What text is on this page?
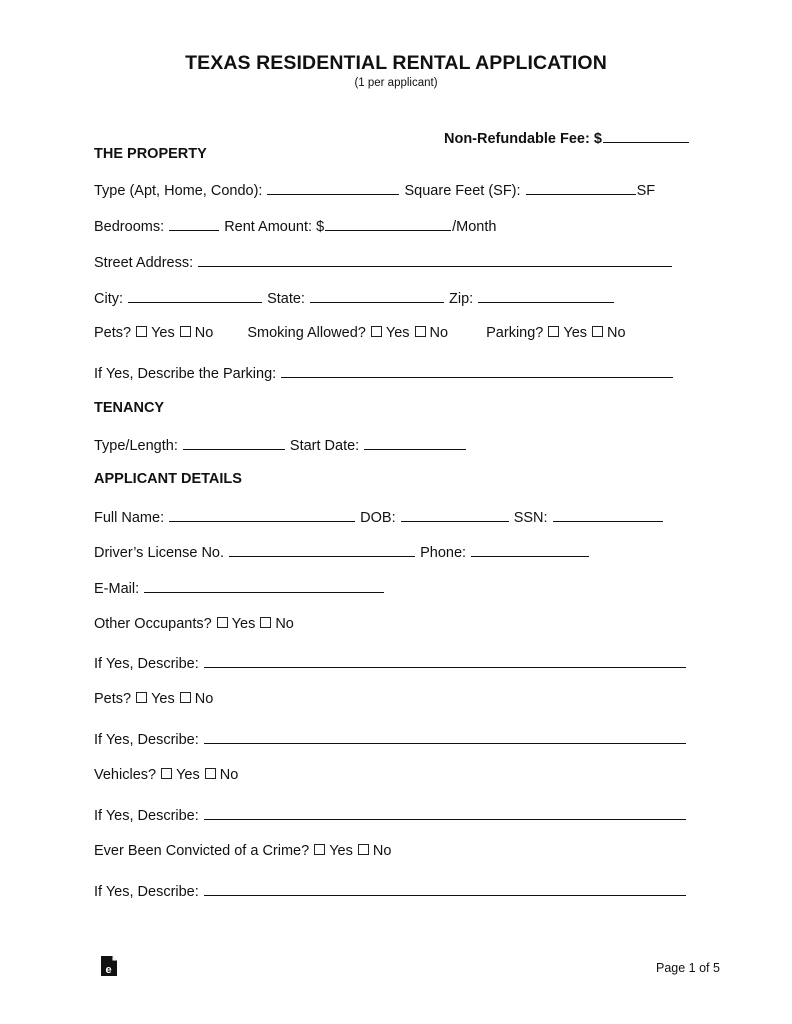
TEXAS RESIDENTIAL RENTAL APPLICATION
(1 per applicant)
Non-Refundable Fee: $
THE PROPERTY
Type (Apt, Home, Condo):	Square Feet (SF):	SF
Bedrooms:	Rent Amount: $	/Month
Street Address:
City:	State:	Zip:
Pets? Yes No Smoking Allowed? Yes No	Parking? Yes No
If Yes, Describe the Parking:
TENANCY
Type/Length:	Start Date:
APPLICANT DETAILS
Full Name:	DOB:	SSN:
Driver’s License No.	Phone:
E-Mail:
Other Occupants? Yes No
If Yes, Describe:
Pets? Yes No
If Yes, Describe:
Vehicles? Yes No
If Yes, Describe:
Ever Been Convicted of a Crime? Yes No
If Yes, Describe:
e	Page 1 of 5
